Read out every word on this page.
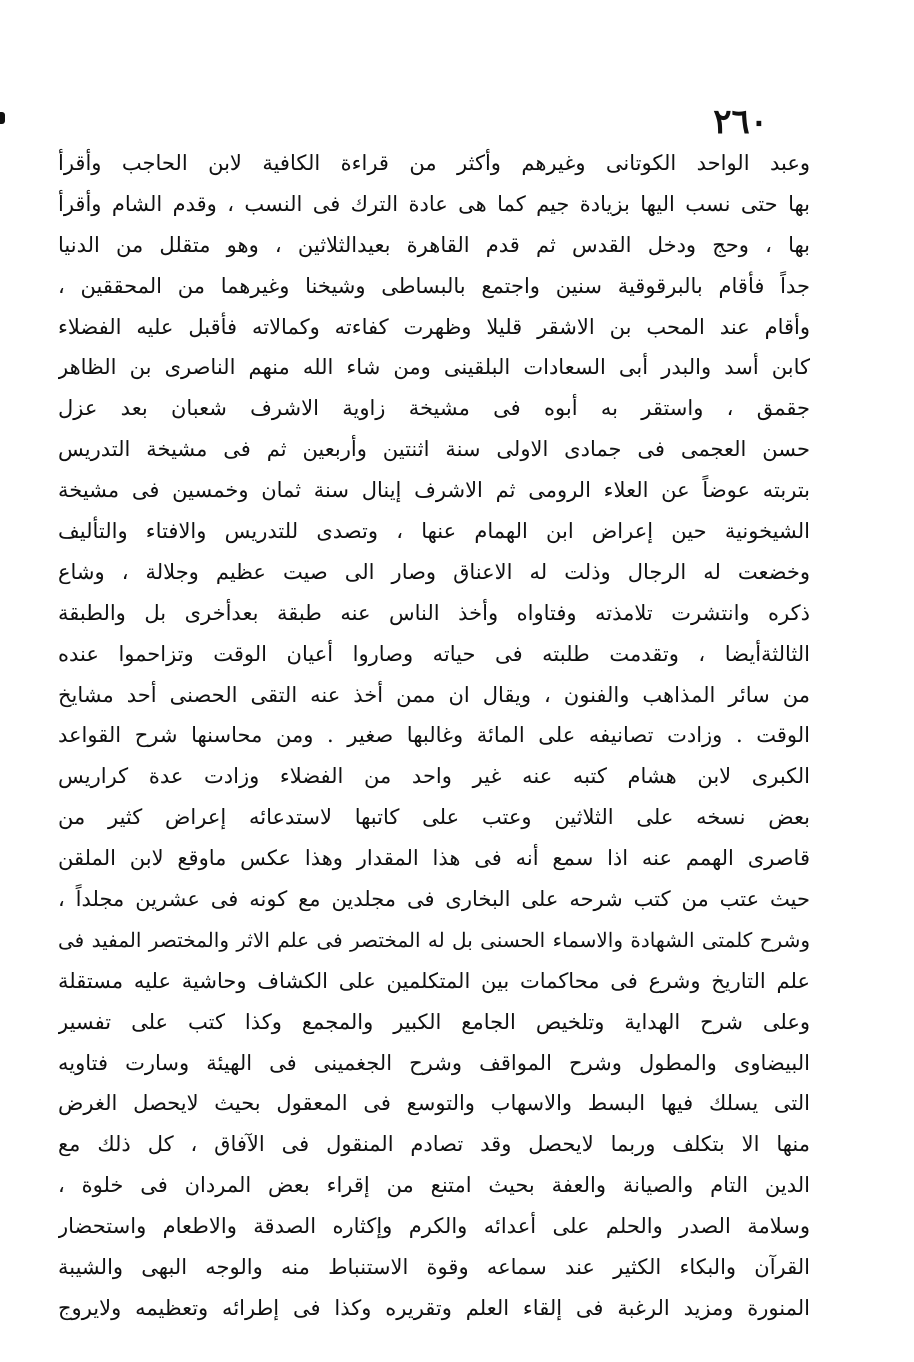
٢٦٠
وعبد الواحد الكوتانى وغيرهم وأكثر من قراءة الكافية لابن الحاجب وأقرأ
بها حتى نسب اليها بزيادة جيم كما هى عادة الترك فى النسب ، وقدم الشام وأقرأ
بها ، وحج ودخل القدس ثم قدم القاهرة بعيدالثلاثين ، وهو متقلل من الدنيا
جداً فأقام بالبرقوقية سنين واجتمع بالبساطى وشيخنا وغيرهما من المحققين ،
وأقام عند المحب بن الاشقر قليلا وظهرت كفاءته وكمالاته فأقبل عليه الفضلاء
كابن أسد والبدر أبى السعادات البلقينى ومن شاء الله منهم الناصرى بن الظاهر
جقمق ، واستقر به أبوه فى مشيخة زاوية الاشرف شعبان بعد عزل
حسن العجمى فى جمادى الاولى سنة اثنتين وأربعين ثم فى مشيخة التدريس
بتربته عوضاً عن العلاء الرومى ثم الاشرف إينال سنة ثمان وخمسين فى مشيخة
الشيخونية حين إعراض ابن الهمام عنها ، وتصدى للتدريس والافتاء والتأليف
وخضعت له الرجال وذلت له الاعناق وصار الى صيت عظيم وجلالة ، وشاع
ذكره وانتشرت تلامذته وفتاواه وأخذ الناس عنه طبقة بعدأخرى بل والطبقة
الثالثةأيضا ، وتقدمت طلبته فى حياته وصاروا أعيان الوقت وتزاحموا عنده
من سائر المذاهب والفنون ، ويقال ان ممن أخذ عنه التقى الحصنى أحد مشايخ
الوقت . وزادت تصانيفه على المائة وغالبها صغير . ومن محاسنها شرح القواعد
الكبرى لابن هشام كتبه عنه غير واحد من الفضلاء وزادت عدة كراريس
بعض نسخه على الثلاثين وعتب على كاتبها لاستدعائه إعراض كثير من
قاصرى الهمم عنه اذا سمع أنه فى هذا المقدار وهذا عكس ماوقع لابن الملقن
حيث عتب من كتب شرحه على البخارى فى مجلدين مع كونه فى عشرين مجلداً ،
وشرح كلمتى الشهادة والاسماء الحسنى بل له المختصر فى علم الاثر والمختصر المفيد فى
علم التاريخ وشرع فى محاكمات بين المتكلمين على الكشاف وحاشية عليه مستقلة
وعلى شرح الهداية وتلخيص الجامع الكبير والمجمع وكذا كتب على تفسير
البيضاوى والمطول وشرح المواقف وشرح الجغمينى فى الهيئة وسارت فتاويه
التى يسلك فيها البسط والاسهاب والتوسع فى المعقول بحيث لايحصل الغرض
منها الا بتكلف وربما لايحصل وقد تصادم المنقول فى الآفاق ، كل ذلك مع
الدين التام والصيانة والعفة بحيث امتنع من إقراء بعض المردان فى خلوة ،
وسلامة الصدر والحلم على أعدائه والكرم وإكثاره الصدقة والاطعام واستحضار
القرآن والبكاء الكثير عند سماعه وقوة الاستنباط منه والوجه البهى والشيبة
المنورة ومزيد الرغبة فى إلقاء العلم وتقريره وكذا فى إطرائه وتعظيمه ولايروج
